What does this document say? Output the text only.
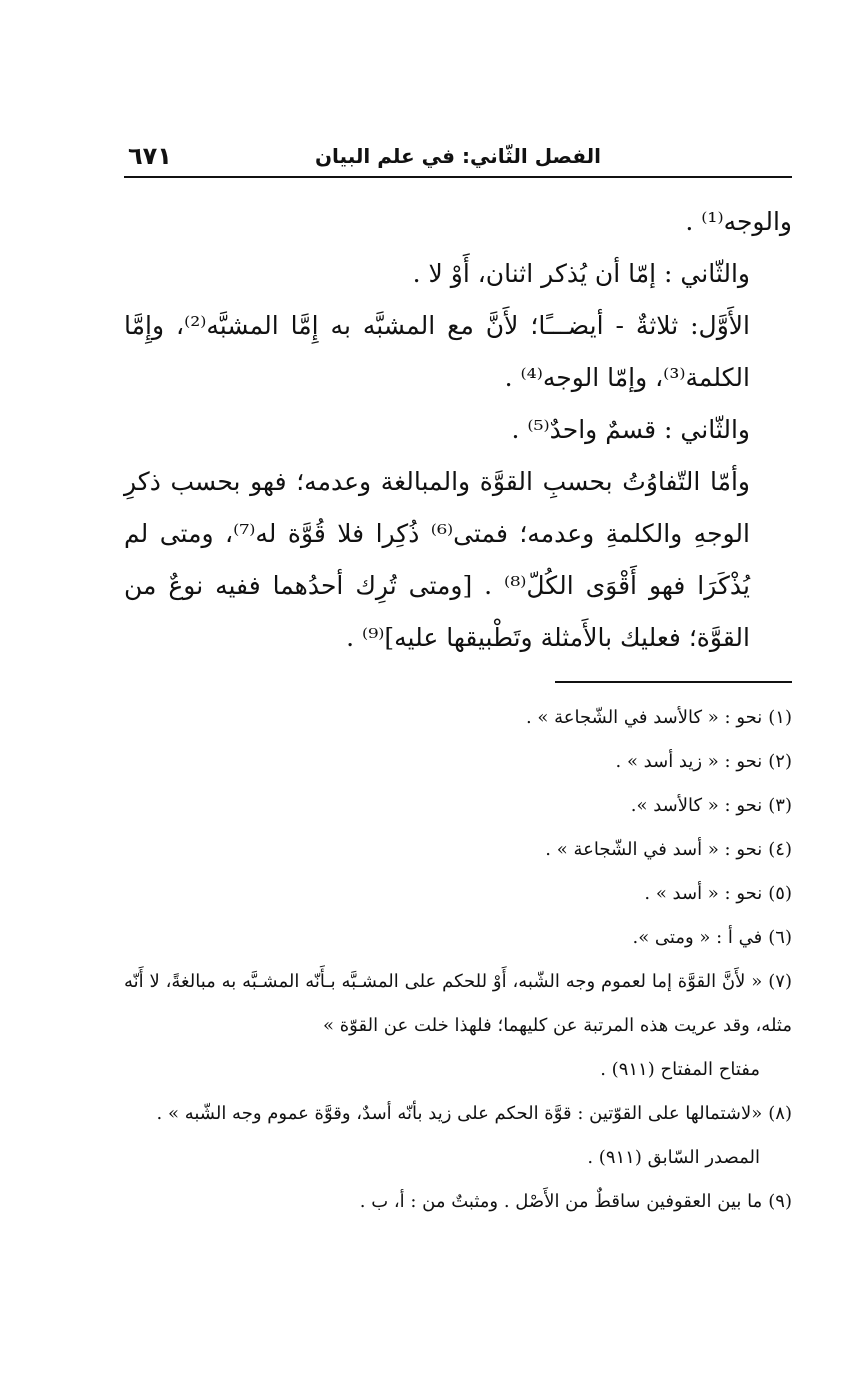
٦٧١	الفصل الثّاني: في علم البيان

والوجه⁽¹⁾ .

والثّاني : إمّا أن يُذكر اثنان، أَوْ لا .

الأَوَّل: ثلاثةٌ - أيضـــًا؛ لأَنَّ مع المشبَّه به إِمَّا المشبَّه⁽²⁾، وإِمَّا الكلمة⁽³⁾، وإمّا الوجه⁽⁴⁾ .

والثّاني : قسمٌ واحدٌ⁽⁵⁾ .

وأمّا التّفاوُتُ بحسبِ القوَّة والمبالغة وعدمه؛ فهو بحسب ذكرِ الوجهِ والكلمةِ وعدمه؛ فمتى⁽⁶⁾ ذُكِرا فلا قُوَّة له⁽⁷⁾، ومتى لم يُذْكَرَا فهو أَقْوَى الكُلّ⁽⁸⁾ . [ومتى تُرِك أحدُهما ففيه نوعٌ من القوَّة؛ فعليك بالأَمثلة وتَطْبيقها عليه]⁽⁹⁾ .

(١)نحو : « كالأسد في الشّجاعة » .

(٢)نحو : « زيد أسد » .

(٣)نحو : « كالأسد ».

(٤)نحو : « أسد في الشّجاعة » .

(٥)نحو : « أسد » .

(٦)في أ : « ومتى ».

(٧)« لأَنَّ القوَّة إما لعموم وجه الشّبه، أَوْ للحكم على المشـبَّه بـأَنّه المشـبَّه به مبالغةً، لا أَنّه مثله، وقد عريت هذه المرتبة عن كليهما؛ فلهذا خلت عن القوّة »

مفتاح المفتاح (٩١١) .

(٨)«لاشتمالها على القوّتين : قوَّة الحكم على زيد بأنّه أسدٌ، وقوَّة عموم وجه الشّبه » .

المصدر السّابق (٩١١) .

(٩)ما بين العقوفين ساقطٌ من الأَصْل . ومثبتٌ من : أ، ب .
